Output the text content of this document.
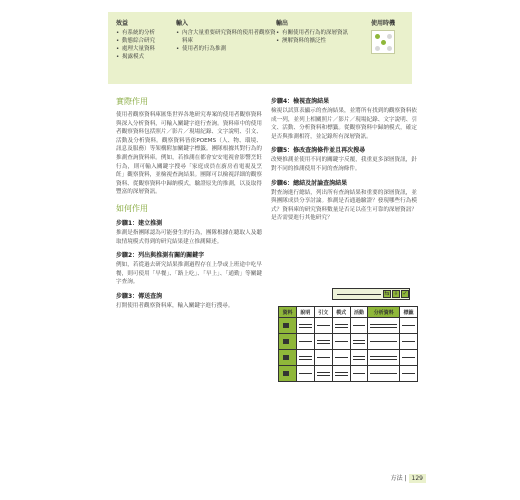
效益
• 有系統的分析
• 動態綜合研究
• 處理大量資料
• 揭露模式
輸入
• 內含大量重要研究資料的使用者觀察資料庫
• 使用者的行為推測
輸出
• 有關使用者行為的深層資訊
• 澳解資料的擴泛性
使用時機
實際作用

使用者觀察資料庫匯集世界各地研究專案的使用者觀察資料與深入分析資料，可輸入關鍵字進行查詢。資料庫中的使用者觀察資料包括照片／影片／現場紀錄、文字說明、引文、活動及分析資料。觀察資料皆依POEMS（人、物、環境、訊息及服務）等架構附加關鍵字標籤。團隊根據其對行為的推測查詢資料庫。例如，若推測在都會安安電視會影響烹飪行為，則可輸入關鍵字搜尋「家庭成員在廚房看電視及烹飪」觀察資料，並檢視查詢結果。團隊可以檢視詳細的觀察資料、從觀察資料中歸納模式，驗證原先的推測，以及取得豐富的深層資訊。

如何作用
步驟1：建立推測

推測是指團隊認為可能發生的行為，團隊根據在聽取人及聽取情境模式得到的研究結果建立推測陳述。

步驟2：列出與推測有關的關鍵字

例如，若從過去研究結果推測過程存在上學或上班途中吃早餐，則可使用「早餐」、「路上吃」、「早上」、「通勤」等關鍵字查詢。

步驟3：傳送查詢

打開使用者觀察資料庫，輸入關鍵字進行搜尋。

步驟4：檢視查詢結果

檢視以試算表顯示的查詢結果，並將所有找到的觀察資料依成一列，並列上相關照片／影片／現場紀錄、文字說明、引文、活動、分析資料和標籤。從觀察資料中歸納模式，確定是否與推測相符，並記錄所有深層資訊。

步驟5：修改查詢條件並且再次搜尋

改變推測並使用不同的關鍵字反覆，我重更多深層資訊，針對不同的推測使用不同的查詢條件。

步驟6：總結及討論查詢結果

對查詢進行總結，列出所有查詢結果和重要的深層資訊，並與團隊成員分享討論。推測是否通過驗證？發現哪些行為模式？資料庫的研究資料數量是否足以產生可靠的深層資訊？是否需要進行其他研究？

⇆ ⇩ ✓
資料	說明	引文	模式	活動	分析資料	標籤

方法 | 129
